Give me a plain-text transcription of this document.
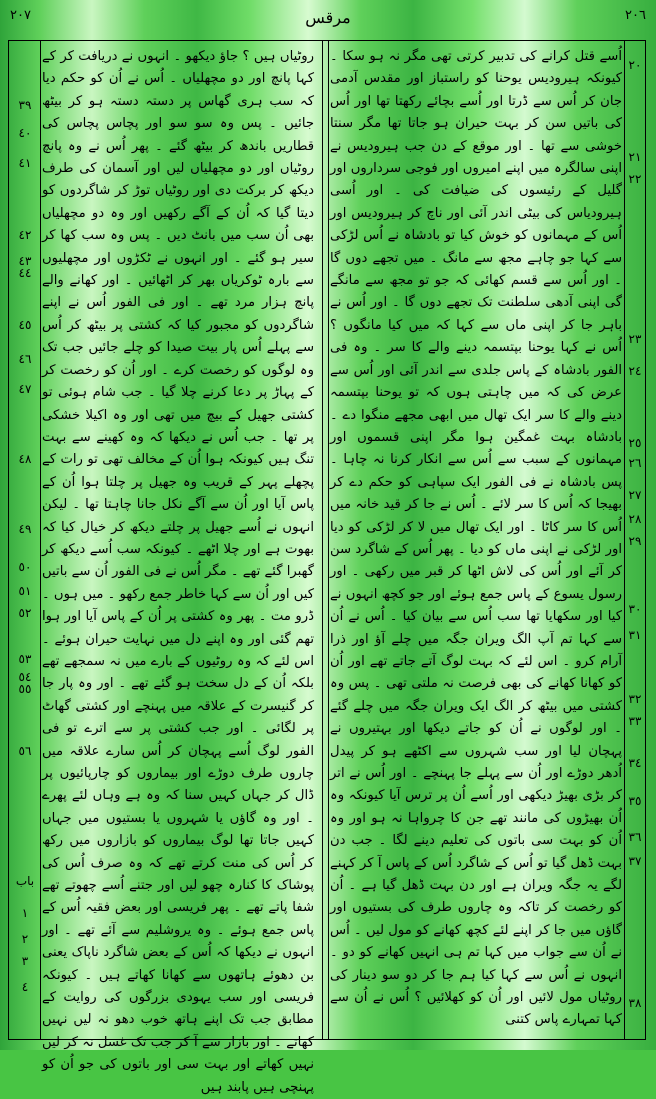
٢٠٧	مرقس	٢٠٦
٢٠
٢١
٢٢
٢٣
٢٤
٢٥
٢٦
٢٧
٢٨
٢٩
٣٠
٣١
٣٢
٣٣
٣٤
٣٥
٣٦
٣٧
٣٨
اُسے قتل کرانے کی تدبیر کرتی تھی مگر نہ ہو سکا ۔ کیونکہ ہیرودیس یوحنا کو راستباز اور مقدس آدمی جان کر اُس سے ڈرتا اور اُسے بچائے رکھتا تھا اور اُس کی باتیں سن کر بہت حیران ہو جاتا تھا مگر سنتا خوشی سے تھا ۔ اور موقع کے دن جب ہیرودیس نے اپنی سالگرہ میں اپنے امیروں اور فوجی سرداروں اور گلیل کے رئیسوں کی ضیافت کی ۔ اور اُسی ہیرودیاس کی بیٹی اندر آئی اور ناچ کر ہیرودیس اور اُس کے مہمانوں کو خوش کیا تو بادشاہ نے اُس لڑکی سے کہا جو چاہے مجھ سے مانگ ۔ میں تجھے دوں گا ۔ اور اُس سے قسم کھائی کہ جو تو مجھ سے مانگے گی اپنی آدھی سلطنت تک تجھے دوں گا ۔ اور اُس نے باہر جا کر اپنی ماں سے کہا کہ میں کیا مانگوں ؟ اُس نے کہا یوحنا بپتسمہ دینے والے کا سر ۔ وہ فی الفور بادشاہ کے پاس جلدی سے اندر آئی اور اُس سے عرض کی کہ میں چاہتی ہوں کہ تو یوحنا بپتسمہ دینے والے کا سر ایک تھال میں ابھی مجھے منگوا دے ۔ بادشاہ بہت غمگین ہوا مگر اپنی قسموں اور مہمانوں کے سبب سے اُس سے انکار کرنا نہ چاہا ۔ پس بادشاہ نے فی الفور ایک سپاہی کو حکم دے کر بھیجا کہ اُس کا سر لائے ۔ اُس نے جا کر قید خانہ میں اُس کا سر کاٹا ۔ اور ایک تھال میں لا کر لڑکی کو دیا اور لڑکی نے اپنی ماں کو دیا ۔ پھر اُس کے شاگرد سن کر آئے اور اُس کی لاش اٹھا کر قبر میں رکھی ۔ اور رسول یسوع کے پاس جمع ہوئے اور جو کچھ انہوں نے کیا اور سکھایا تھا سب اُس سے بیان کیا ۔ اُس نے اُن سے کہا تم آپ الگ ویران جگہ میں چلے آؤ اور ذرا آرام کرو ۔ اس لئے کہ بہت لوگ آتے جاتے تھے اور اُن کو کھانا کھانے کی بھی فرصت نہ ملتی تھی ۔ پس وہ کشتی میں بیٹھ کر الگ ایک ویران جگہ میں چلے گئے ۔ اور لوگوں نے اُن کو جاتے دیکھا اور بہتیروں نے پہچان لیا اور سب شہروں سے اکٹھے ہو کر پیدل اُدھر دوڑے اور اُن سے پہلے جا پہنچے ۔ اور اُس نے اتر کر بڑی بھیڑ دیکھی اور اُسے اُن پر ترس آیا کیونکہ وہ اُن بھیڑوں کی مانند تھے جن کا چرواہا نہ ہو اور وہ اُن کو بہت سی باتوں کی تعلیم دینے لگا ۔ جب دن بہت ڈھل گیا تو اُس کے شاگرد اُس کے پاس آ کر کہنے لگے یہ جگہ ویران ہے اور دن بہت ڈھل گیا ہے ۔ اُن کو رخصت کر تاکہ وہ چاروں طرف کی بستیوں اور گاؤں میں جا کر اپنے لئے کچھ کھانے کو مول لیں ۔ اُس نے اُن سے جواب میں کہا تم ہی انہیں کھانے کو دو ۔ انہوں نے اُس سے کہا کیا ہم جا کر دو سو دینار کی روٹیاں مول لائیں اور اُن کو کھلائیں ؟ اُس نے اُن سے کہا تمہارے پاس کتنی
٣٩
٤٠
٤١
٤٢
٤٣
٤٤
٤٥
٤٦
٤٧
٤٨
٤٩
٥٠
٥١
٥٢
٥٣
٥٤
٥٥
٥٦
باب
١
٢
٣
٤
روٹیاں ہیں ؟ جاؤ دیکھو ۔ انہوں نے دریافت کر کے کہا پانچ اور دو مچھلیاں ۔ اُس نے اُن کو حکم دیا کہ سب ہری گھاس پر دستہ دستہ ہو کر بیٹھ جائیں ۔ پس وہ سو سو اور پچاس پچاس کی قطاریں باندھ کر بیٹھ گئے ۔ پھر اُس نے وہ پانچ روٹیاں اور دو مچھلیاں لیں اور آسمان کی طرف دیکھ کر برکت دی اور روٹیاں توڑ کر شاگردوں کو دیتا گیا کہ اُن کے آگے رکھیں اور وہ دو مچھلیاں بھی اُن سب میں بانٹ دیں ۔ پس وہ سب کھا کر سیر ہو گئے ۔ اور انہوں نے ٹکڑوں اور مچھلیوں سے بارہ ٹوکریاں بھر کر اٹھائیں ۔ اور کھانے والے پانچ ہزار مرد تھے ۔ اور فی الفور اُس نے اپنے شاگردوں کو مجبور کیا کہ کشتی پر بیٹھ کر اُس سے پہلے اُس پار بیت صیدا کو چلے جائیں جب تک وہ لوگوں کو رخصت کرے ۔ اور اُن کو رخصت کر کے پہاڑ پر دعا کرنے چلا گیا ۔ جب شام ہوئی تو کشتی جھیل کے بیچ میں تھی اور وہ اکیلا خشکی پر تھا ۔ جب اُس نے دیکھا کہ وہ کھینے سے بہت تنگ ہیں کیونکہ ہوا اُن کے مخالف تھی تو رات کے پچھلے پہر کے قریب وہ جھیل پر چلتا ہوا اُن کے پاس آیا اور اُن سے آگے نکل جانا چاہتا تھا ۔ لیکن انہوں نے اُسے جھیل پر چلتے دیکھ کر خیال کیا کہ بھوت ہے اور چلا اٹھے ۔ کیونکہ سب اُسے دیکھ کر گھبرا گئے تھے ۔ مگر اُس نے فی الفور اُن سے باتیں کیں اور اُن سے کہا خاطر جمع رکھو ۔ میں ہوں ۔ ڈرو مت ۔ پھر وہ کشتی پر اُن کے پاس آیا اور ہوا تھم گئی اور وہ اپنے دل میں نہایت حیران ہوئے ۔ اس لئے کہ وہ روٹیوں کے بارے میں نہ سمجھے تھے بلکہ اُن کے دل سخت ہو گئے تھے ۔ اور وہ پار جا کر گنیسرت کے علاقہ میں پہنچے اور کشتی گھاٹ پر لگائی ۔ اور جب کشتی پر سے اترے تو فی الفور لوگ اُسے پہچان کر اُس سارے علاقہ میں چاروں طرف دوڑے اور بیماروں کو چارپائیوں پر ڈال کر جہاں کہیں سنا کہ وہ ہے وہاں لئے پھرے ۔ اور وہ گاؤں یا شہروں یا بستیوں میں جہاں کہیں جاتا تھا لوگ بیماروں کو بازاروں میں رکھ کر اُس کی منت کرتے تھے کہ وہ صرف اُس کی پوشاک کا کنارہ چھو لیں اور جتنے اُسے چھوتے تھے شفا پاتے تھے ۔ پھر فریسی اور بعض فقیہ اُس کے پاس جمع ہوئے ۔ وہ یروشلیم سے آئے تھے ۔ اور انہوں نے دیکھا کہ اُس کے بعض شاگرد ناپاک یعنی بن دھوئے ہاتھوں سے کھانا کھاتے ہیں ۔ کیونکہ فریسی اور سب یہودی بزرگوں کی روایت کے مطابق جب تک اپنے ہاتھ خوب دھو نہ لیں نہیں کھاتے ۔ اور بازار سے آ کر جب تک غسل نہ کر لیں نہیں کھاتے اور بہت سی اور باتوں کی جو اُن کو پہنچی ہیں پابند ہیں
